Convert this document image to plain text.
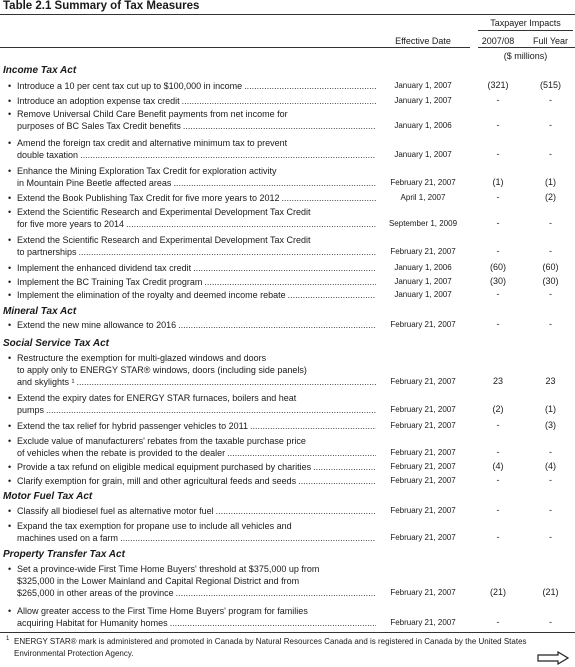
Table 2.1 Summary of Tax Measures
Taxpayer Impacts
Effective Date	2007/08	Full Year
($ millions)
Income Tax Act
• Introduce a 10 per cent tax cut up to $100,000 in income .....	January 1, 2007	(321)	(515)
• Introduce an adoption expense tax credit .....	January 1, 2007	-	-
• Remove Universal Child Care Benefit payments from net income for
purposes of BC Sales Tax Credit benefits .....	January 1, 2006	-	-
• Amend the foreign tax credit and alternative minimum tax to prevent
double taxation .....	January 1, 2007	-	-
• Enhance the Mining Exploration Tax Credit for exploration activity
in Mountain Pine Beetle affected areas .....	February 21, 2007	(1)	(1)
• Extend the Book Publishing Tax Credit for five more years to 2012 .....	April 1, 2007	-	(2)
• Extend the Scientific Research and Experimental Development Tax Credit
for five more years to 2014 .....	September 1, 2009	-	-
• Extend the Scientific Research and Experimental Development Tax Credit
to partnerships .....	February 21, 2007	-	-
• Implement the enhanced dividend tax credit .....	January 1, 2006	(60)	(60)
• Implement the BC Training Tax Credit program .....	January 1, 2007	(30)	(30)
• Implement the elimination of the royalty and deemed income rebate .....	January 1, 2007	-	-
Mineral Tax Act
• Extend the new mine allowance to 2016 .....	February 21, 2007	-	-
Social Service Tax Act
• Restructure the exemption for multi-glazed windows and doors
to apply only to ENERGY STAR® windows, doors (including side panels)
and skylights ¹ .....	February 21, 2007	23	23
• Extend the expiry dates for ENERGY STAR furnaces, boilers and heat
pumps .....	February 21, 2007	(2)	(1)
• Extend the tax relief for hybrid passenger vehicles to 2011 .....	February 21, 2007	-	(3)
• Exclude value of manufacturers' rebates from the taxable purchase price
of vehicles when the rebate is provided to the dealer .....	February 21, 2007	-	-
• Provide a tax refund on eligible medical equipment purchased by charities .....	February 21, 2007	(4)	(4)
• Clarify exemption for grain, mill and other agricultural feeds and seeds .....	February 21, 2007	-	-
Motor Fuel Tax Act
• Classify all biodiesel fuel as alternative motor fuel .....	February 21, 2007	-	-
• Expand the tax exemption for propane use to include all vehicles and
machines used on a farm .....	February 21, 2007	-	-
Property Transfer Tax Act
• Set a province-wide First Time Home Buyers' threshold at $375,000 up from
$325,000 in the Lower Mainland and Capital Regional District and from
$265,000 in other areas of the province .....	February 21, 2007	(21)	(21)
• Allow greater access to the First Time Home Buyers' program for families
acquiring Habitat for Humanity homes .....	February 21, 2007	-	-
1 ENERGY STAR® mark is administered and promoted in Canada by Natural Resources Canada and is registered in Canada by the United States Environmental Protection Agency.
